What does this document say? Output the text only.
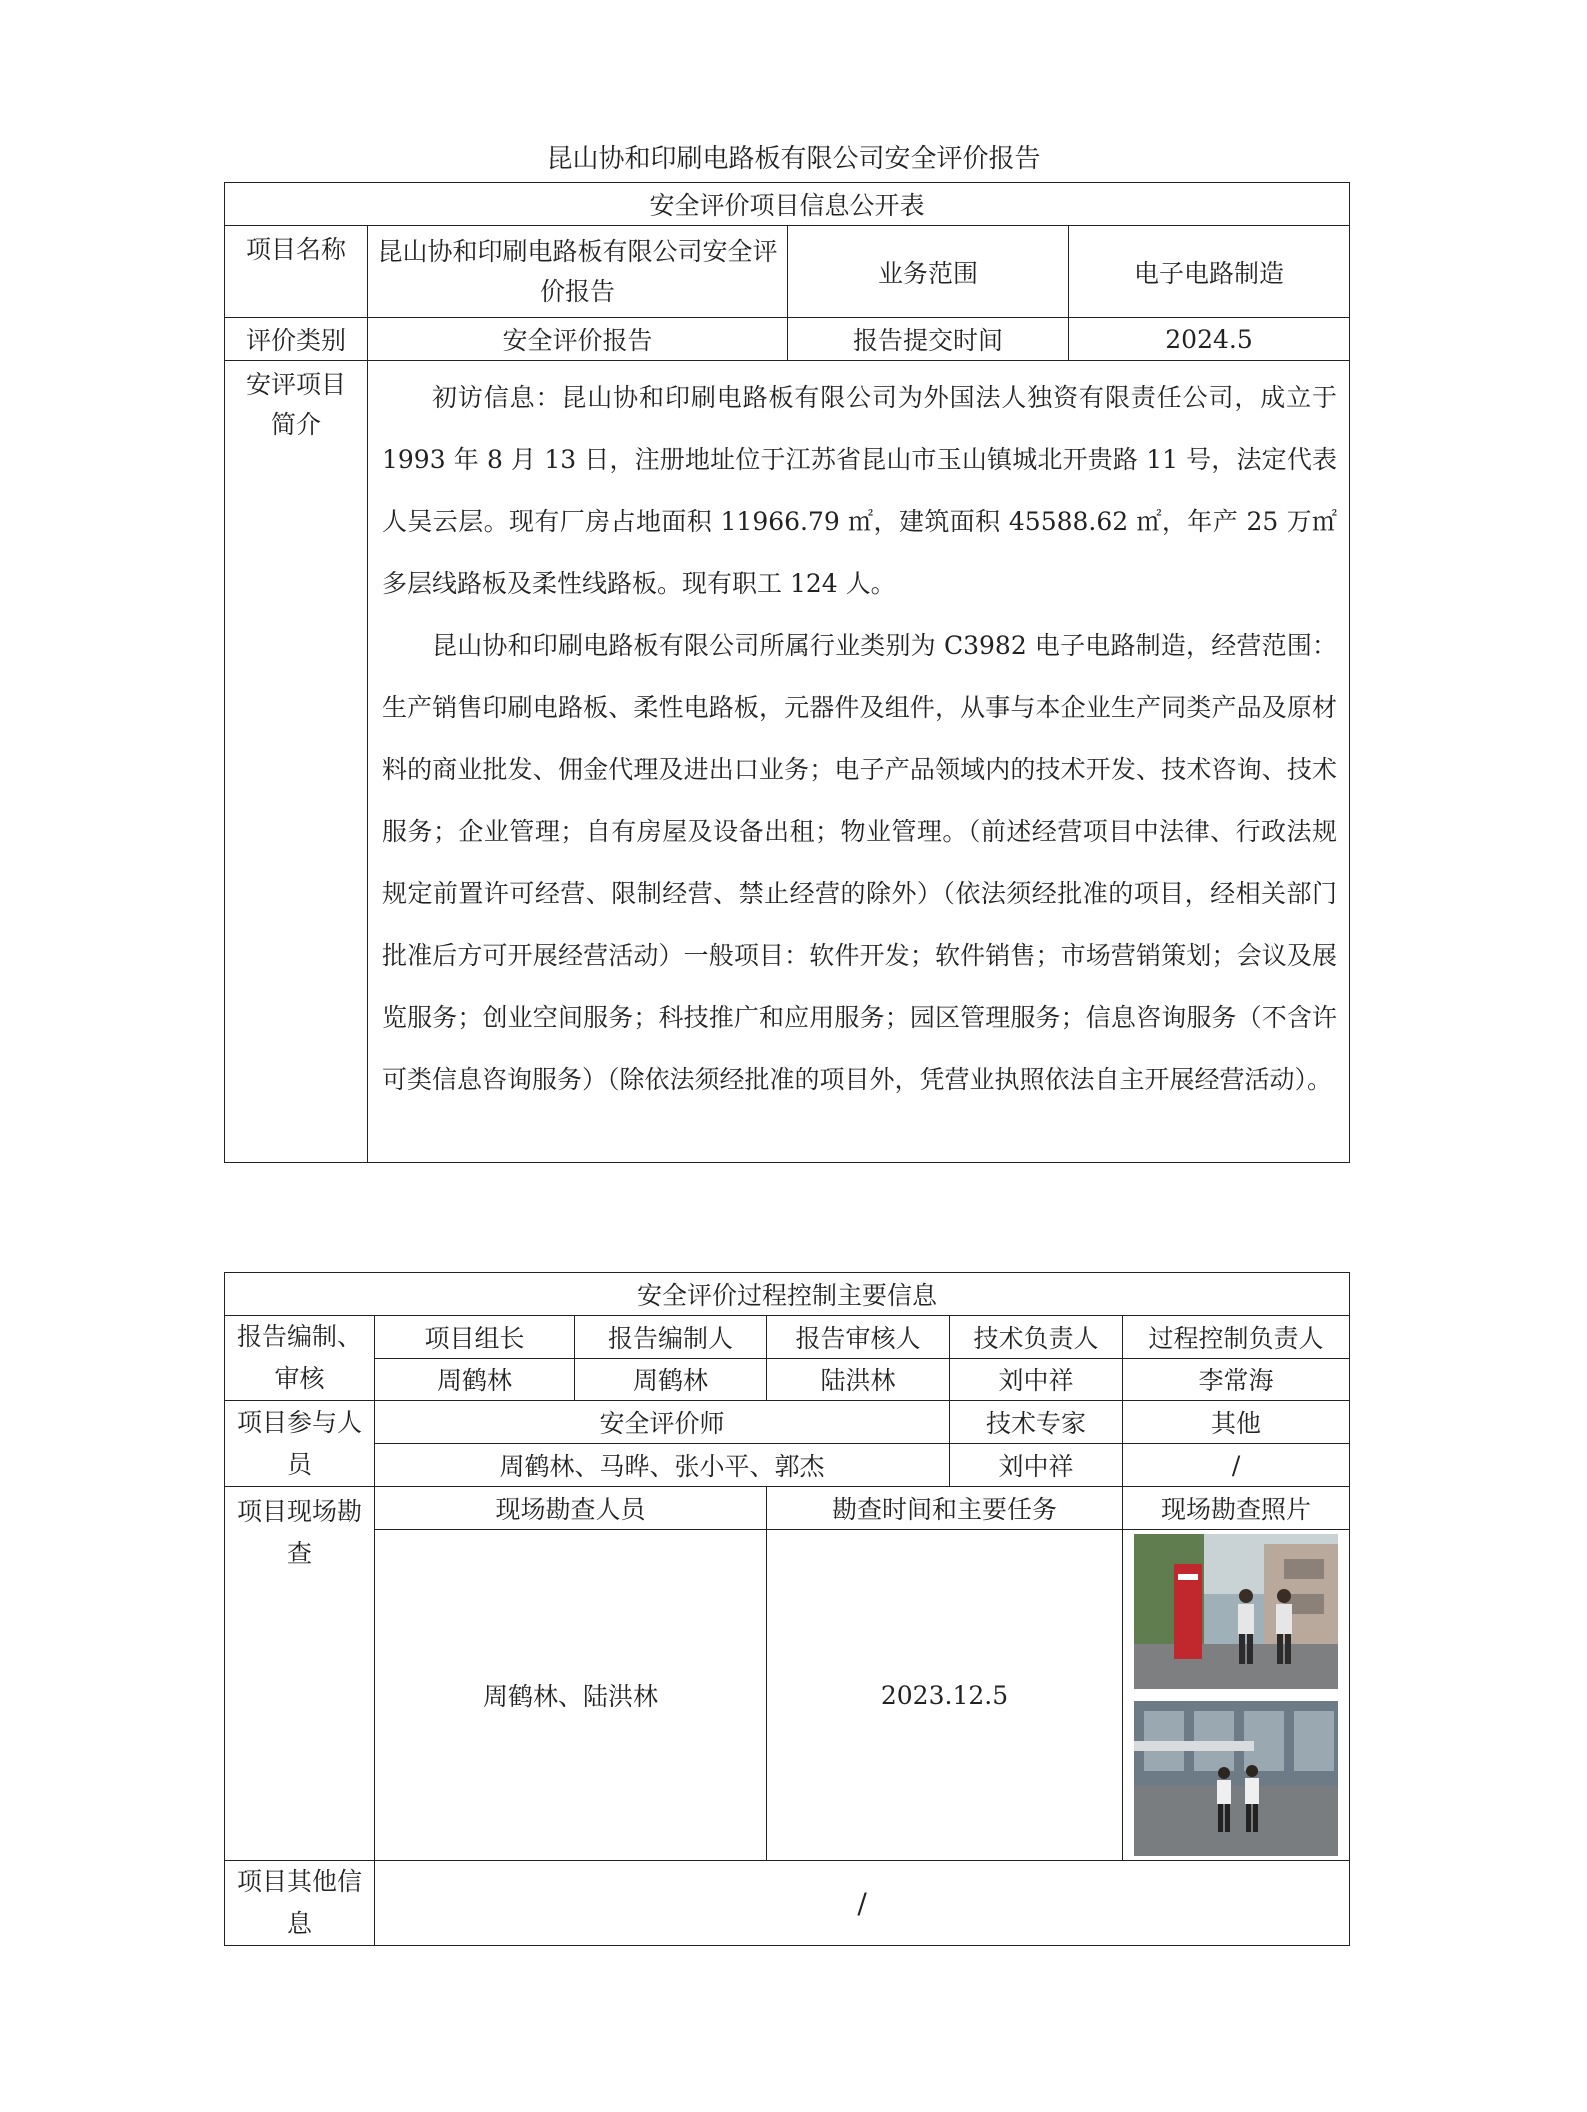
昆山协和印刷电路板有限公司安全评价报告
安全评价项目信息公开表			
项目名称	昆山协和印刷电路板有限公司安全评价报告	业务范围	电子电路制造
评价类别	安全评价报告	报告提交时间	2024.5
安评项目简介	初访信息：昆山协和印刷电路板有限公司为外国法人独资有限责任公司，成立于 1993 年 8 月 13 日，注册地址位于江苏省昆山市玉山镇城北开贵路 11 号，法定代表人吴云层。现有厂房占地面积 11966.79 ㎡，建筑面积 45588.62 ㎡，年产 25 万㎡多层线路板及柔性线路板。现有职工 124 人。

昆山协和印刷电路板有限公司所属行业类别为 C3982 电子电路制造，经营范围：生产销售印刷电路板、柔性电路板，元器件及组件，从事与本企业生产同类产品及原材料的商业批发、佣金代理及进出口业务；电子产品领域内的技术开发、技术咨询、技术服务；企业管理；自有房屋及设备出租；物业管理。（前述经营项目中法律、行政法规规定前置许可经营、限制经营、禁止经营的除外）（依法须经批准的项目，经相关部门批准后方可开展经营活动）一般项目：软件开发；软件销售；市场营销策划；会议及展览服务；创业空间服务；科技推广和应用服务；园区管理服务；信息咨询服务（不含许可类信息咨询服务）（除依法须经批准的项目外，凭营业执照依法自主开展经营活动）。		

安全评价过程控制主要信息					
报告编制、审核	项目组长	报告编制人	报告审核人	技术负责人	过程控制负责人
	周鹤林	周鹤林	陆洪林	刘中祥	李常海
项目参与人员	安全评价师			技术专家	其他
	周鹤林、马晔、张小平、郭杰			刘中祥	/
项目现场勘查	现场勘查人员		勘查时间和主要任务		现场勘查照片
	周鹤林、陆洪林		2023.12.5	

项目其他信息	/				
